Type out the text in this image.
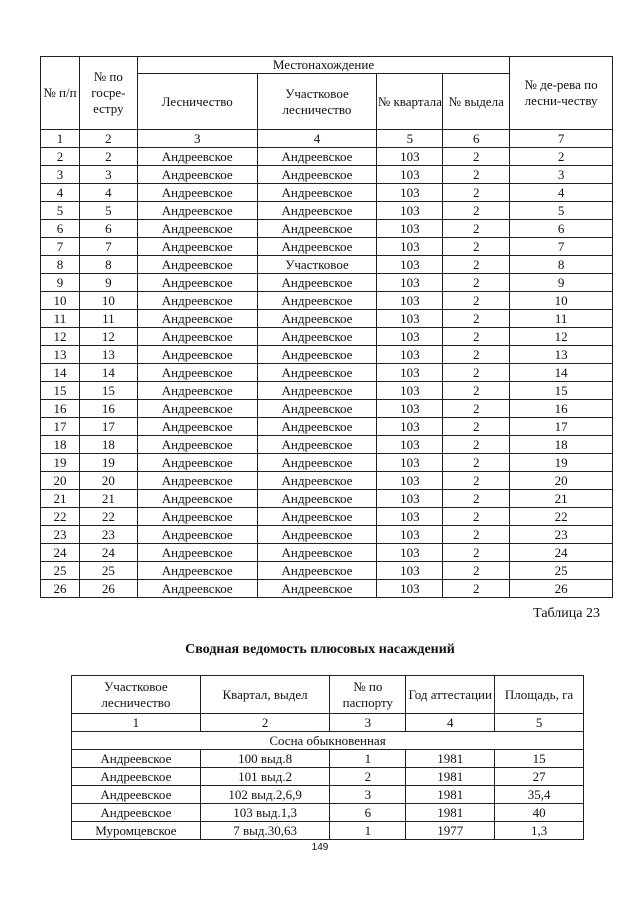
№ п/п	№ по госре-естру	Местонахождение				№ де-рева по лесни-честву
		Лесничество	Участковое лесничество	№ квартала	№ выдела	
1	2	3	4	5	6	7
2	2	Андреевское	Андреевское	103	2	2
3	3	Андреевское	Андреевское	103	2	3
4	4	Андреевское	Андреевское	103	2	4
5	5	Андреевское	Андреевское	103	2	5
6	6	Андреевское	Андреевское	103	2	6
7	7	Андреевское	Андреевское	103	2	7
8	8	Андреевское	Участковое	103	2	8
9	9	Андреевское	Андреевское	103	2	9
10	10	Андреевское	Андреевское	103	2	10
11	11	Андреевское	Андреевское	103	2	11
12	12	Андреевское	Андреевское	103	2	12
13	13	Андреевское	Андреевское	103	2	13
14	14	Андреевское	Андреевское	103	2	14
15	15	Андреевское	Андреевское	103	2	15
16	16	Андреевское	Андреевское	103	2	16
17	17	Андреевское	Андреевское	103	2	17
18	18	Андреевское	Андреевское	103	2	18
19	19	Андреевское	Андреевское	103	2	19
20	20	Андреевское	Андреевское	103	2	20
21	21	Андреевское	Андреевское	103	2	21
22	22	Андреевское	Андреевское	103	2	22
23	23	Андреевское	Андреевское	103	2	23
24	24	Андреевское	Андреевское	103	2	24
25	25	Андреевское	Андреевское	103	2	25
26	26	Андреевское	Андреевское	103	2	26
Таблица 23
Сводная ведомость плюсовых насаждений
Участковое лесничество	Квартал, выдел	№ по паспорту	Год аттестации	Площадь, га
1	2	3	4	5
Сосна обыкновенная				
Андреевское	100 выд.8	1	1981	15
Андреевское	101 выд.2	2	1981	27
Андреевское	102 выд.2,6,9	3	1981	35,4
Андреевское	103 выд.1,3	6	1981	40
Муромцевское	7 выд.30,63	1	1977	1,3
149
